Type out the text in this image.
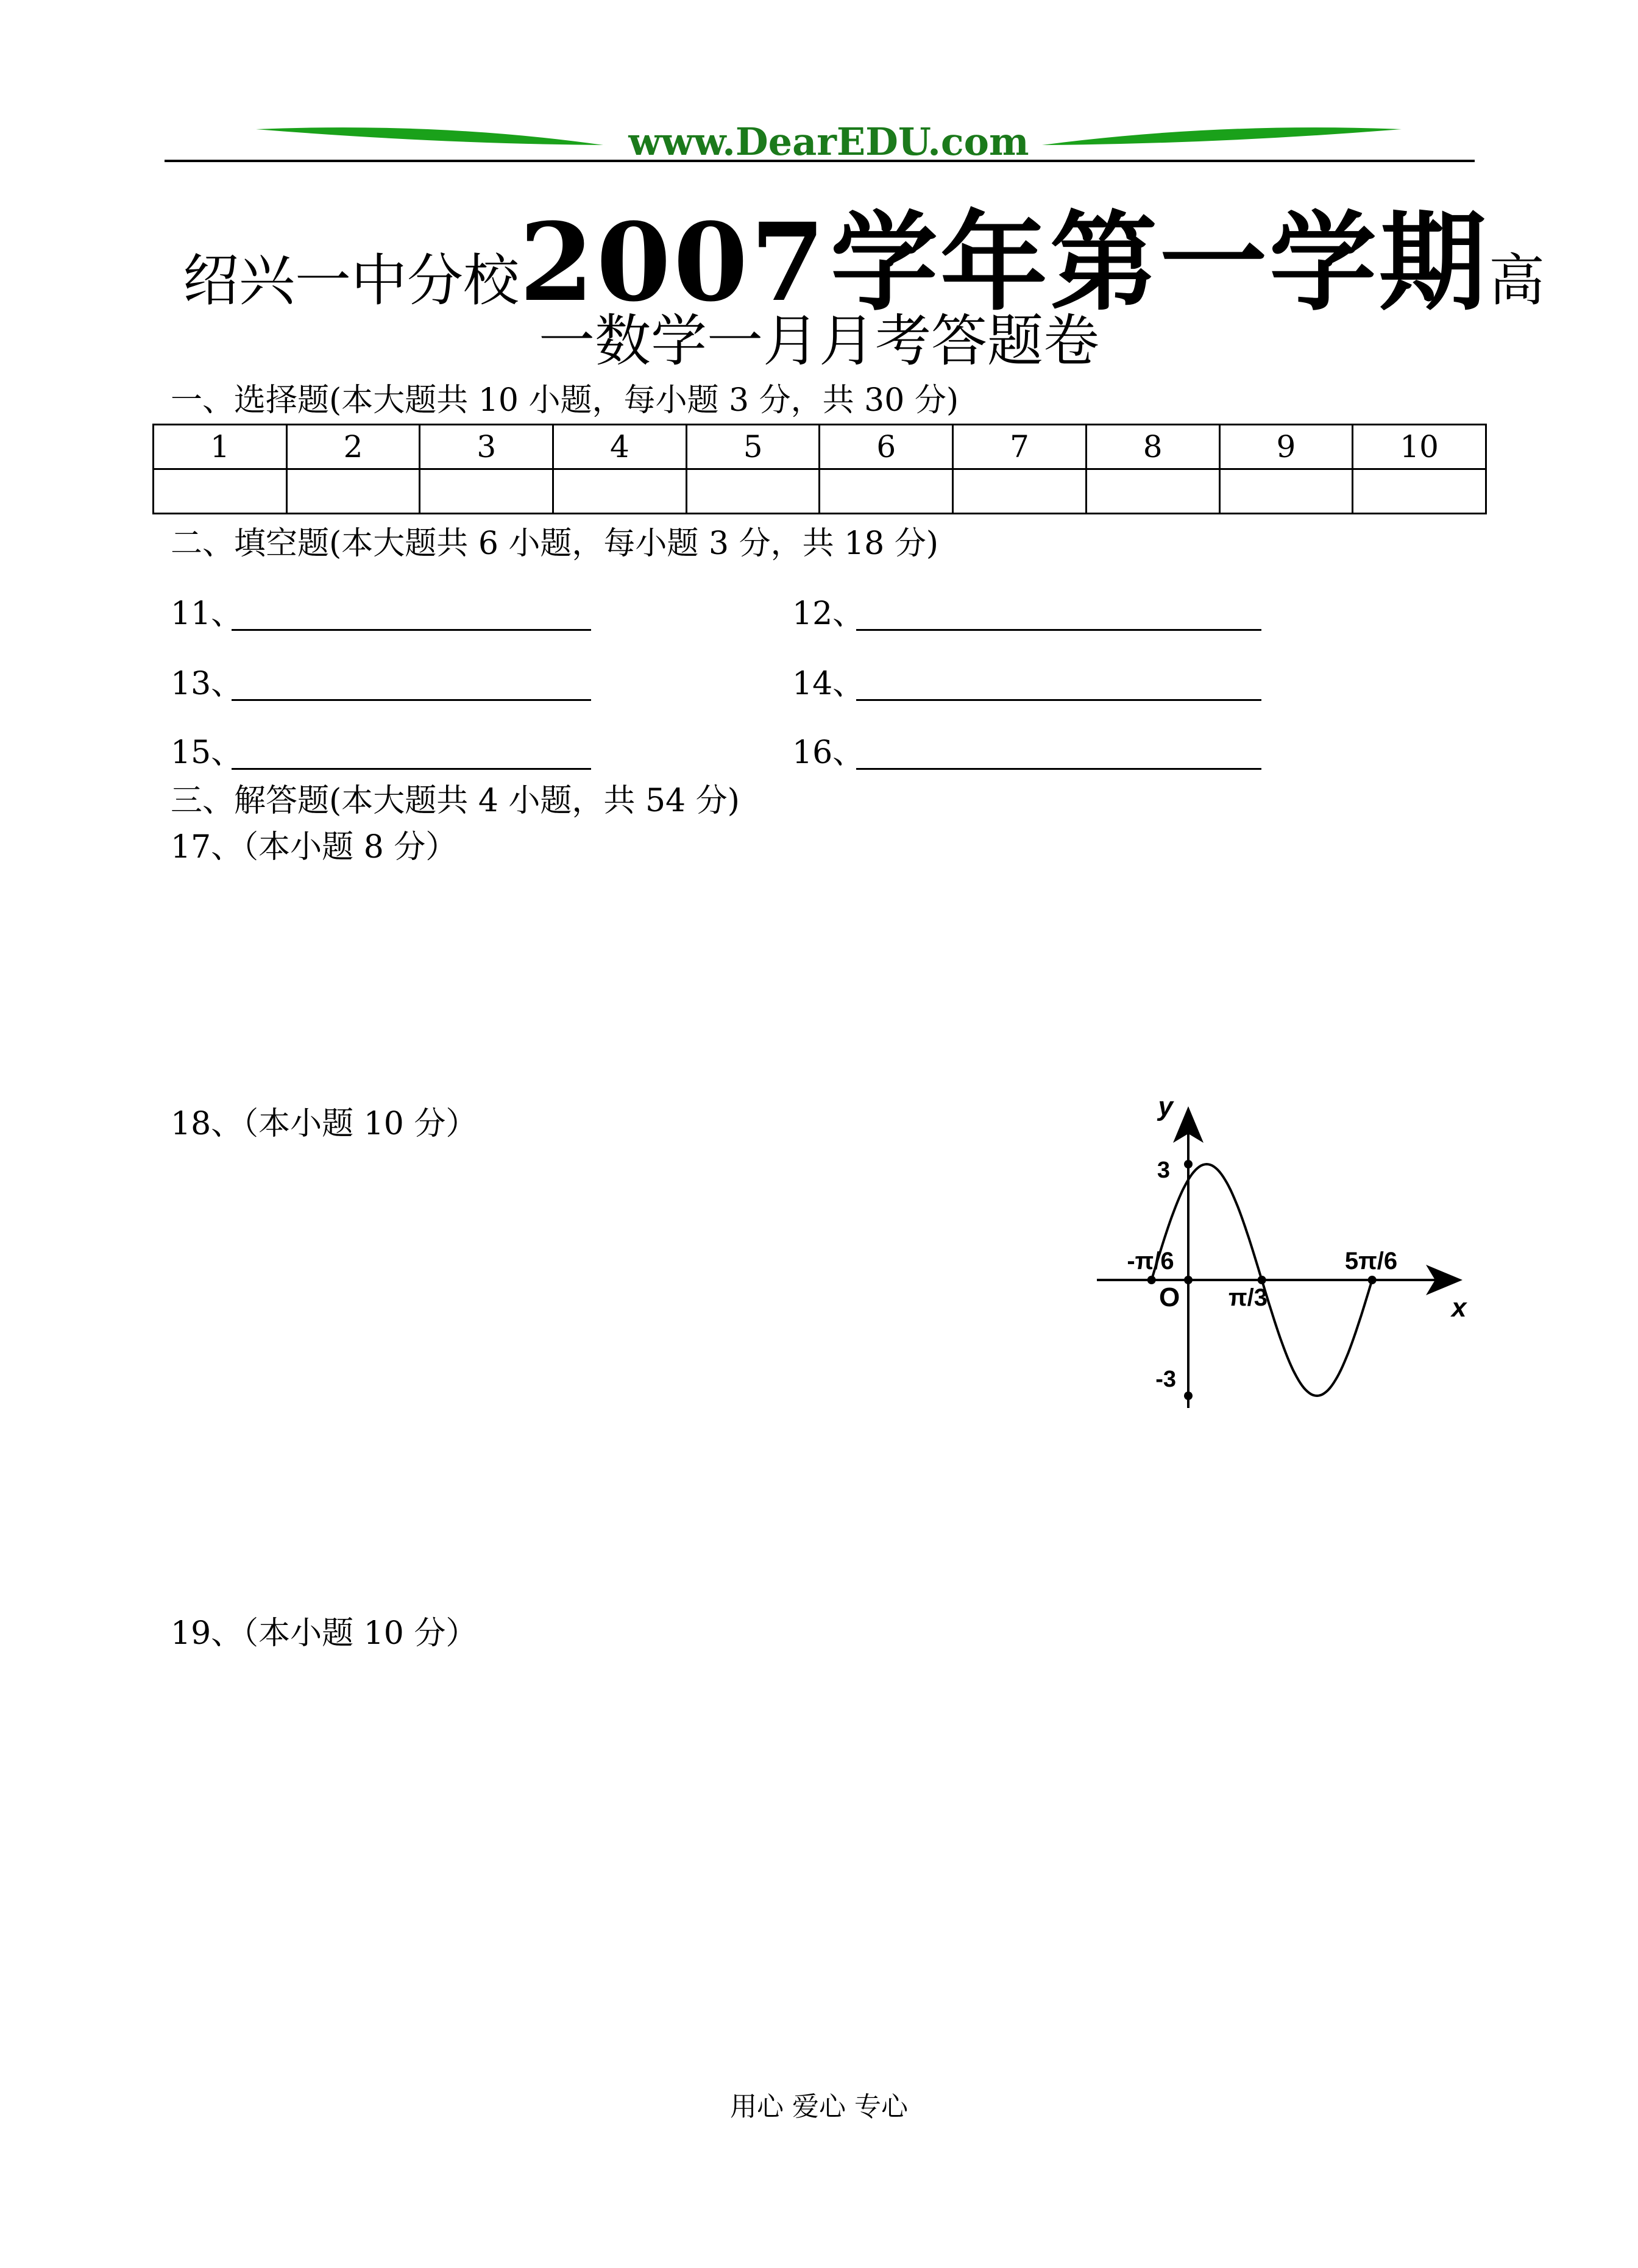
www.DearEDU.com
绍兴一中分校2007 学年第一学期高
一数学一月月考答题卷
一、选择题(本大题共 10 小题，每小题 3 分，共 30 分)
1	2	3	4	5	6	7	8	9	10

二、填空题(本大题共 6 小题，每小题 3 分，共 18 分)
11、	12、
13、	14、
15、	16、
三、解答题(本大题共 4 小题，共 54 分)
17、（本小题 8 分）
18、（本小题 10 分）
19、（本小题 10 分）
y
x
O
3
-3
-π/6
π/3
5π/6
用心 爱心 专心
